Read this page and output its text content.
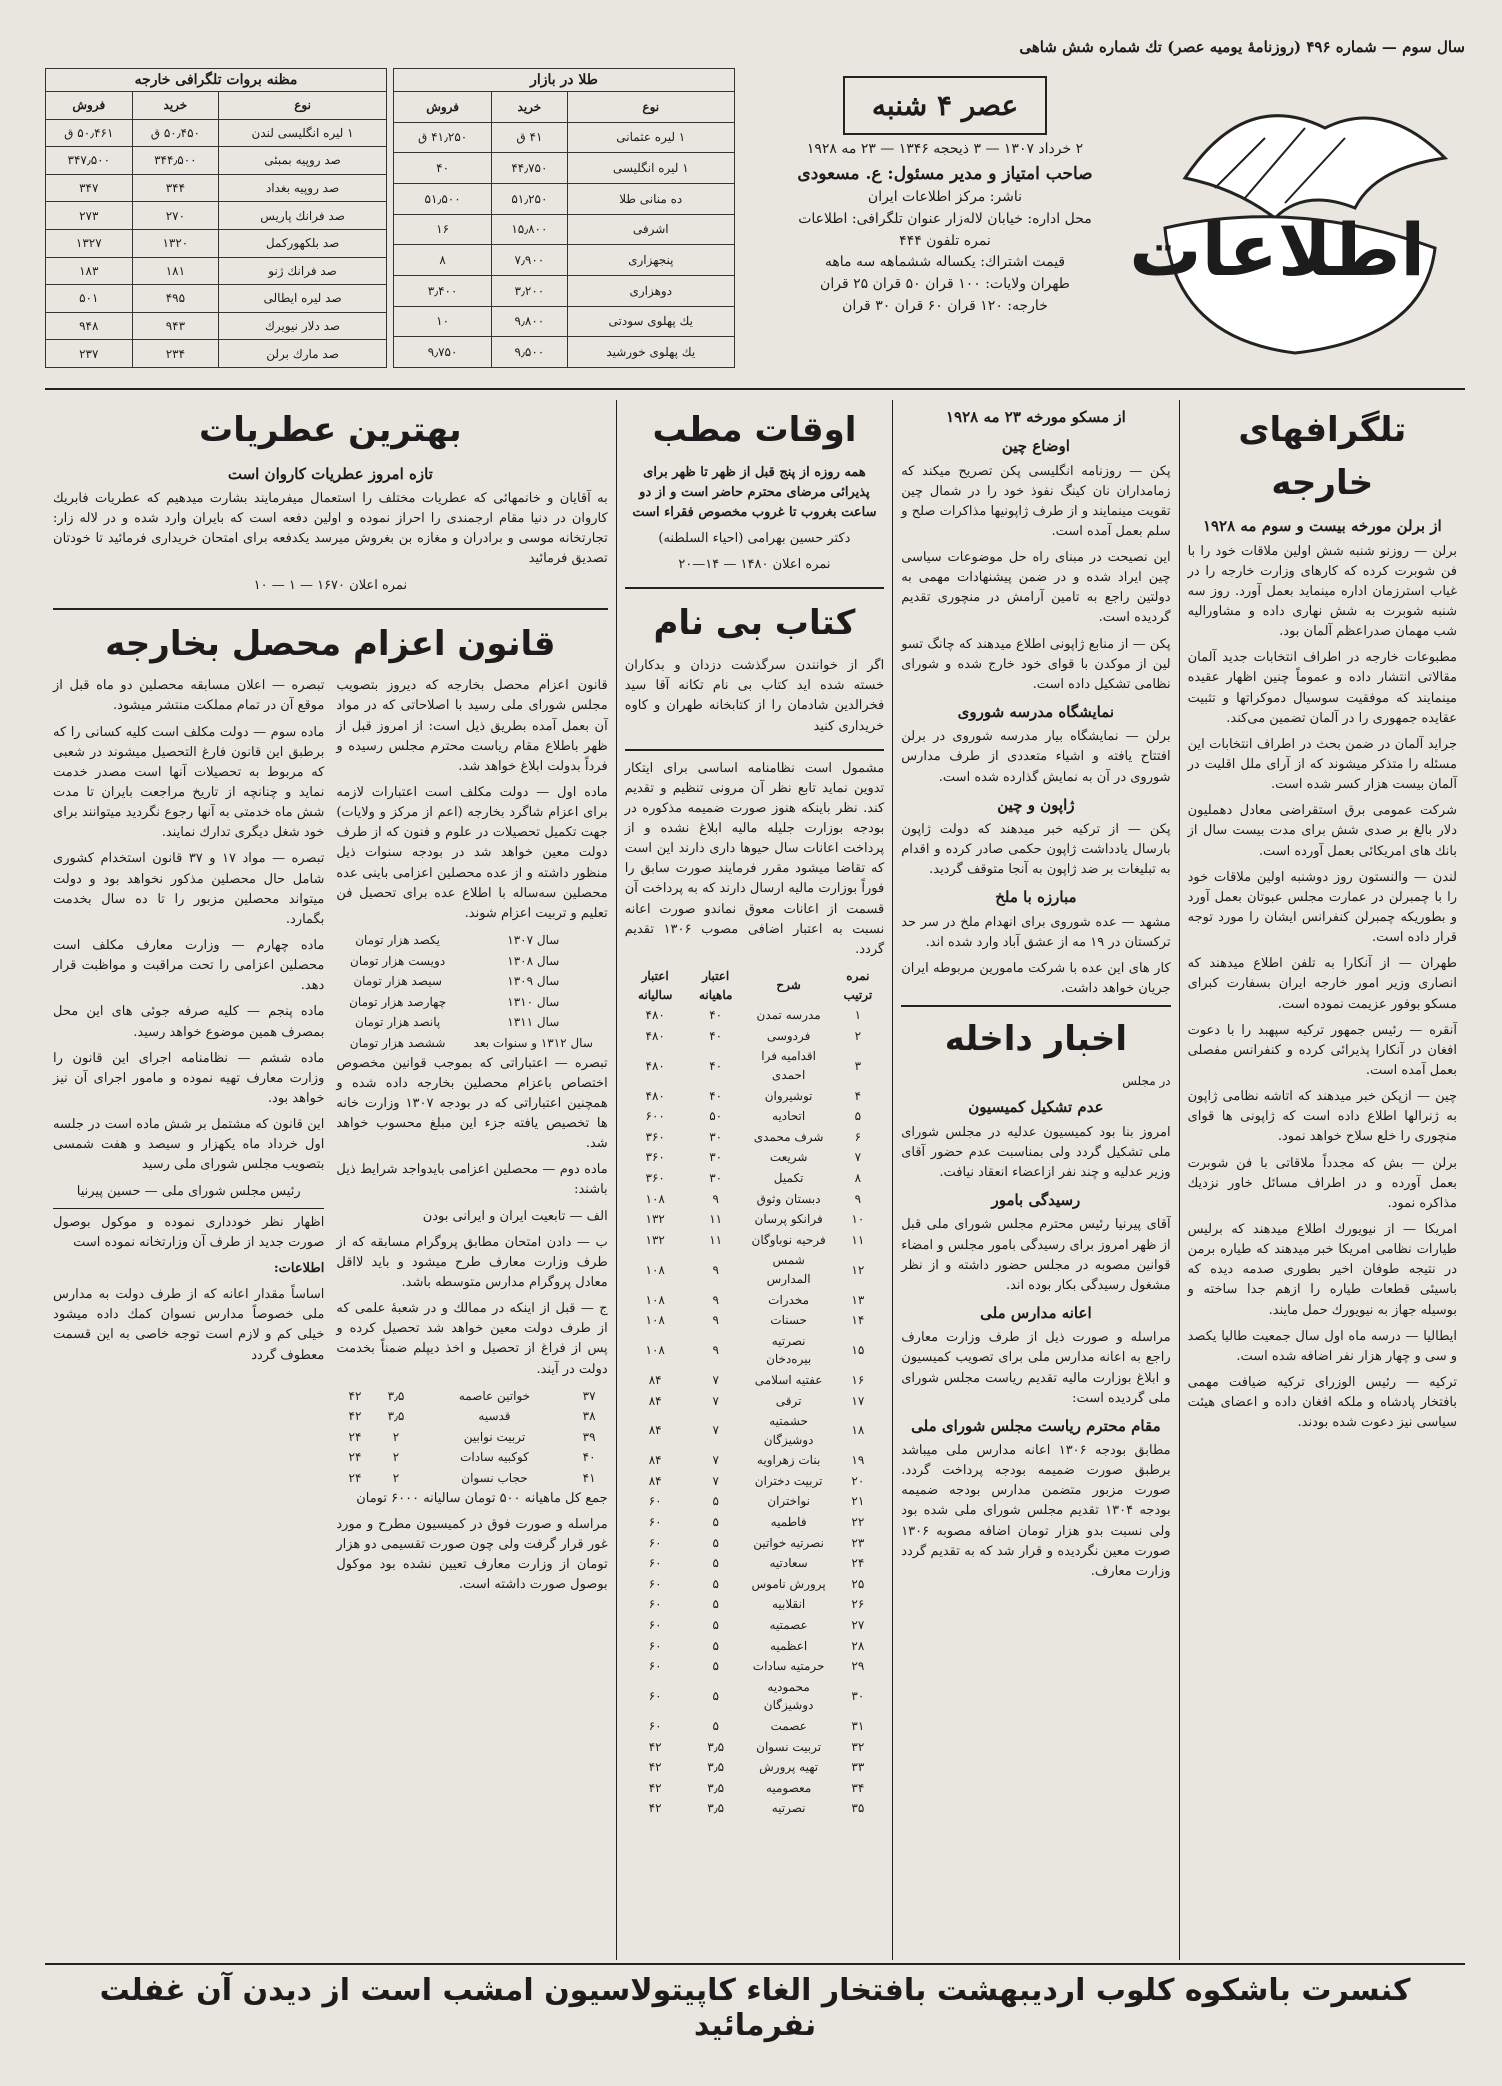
سال سوم — شماره ۴۹۶ (روزنامهٔ یومیه عصر) تك شماره شش شاهی
اطلاعات
عصر ۴ شنبه
۲ خرداد ۱۳۰۷ — ۳ ذیحجه ۱۳۴۶ — ۲۳ مه ۱۹۲۸
صاحب امتیاز و مدیر مسئول: ع. مسعودی
ناشر: مرکز اطلاعات ایران
محل اداره: خیابان لاله‌زار عنوان تلگرافی: اطلاعات
نمره تلفون ۴۴۴
قیمت اشتراك: یکساله ششماهه سه ماهه
طهران ولایات: ۱۰۰ قران ۵۰ قران ۲۵ قران
خارجه: ۱۲۰ قران ۶۰ قران ۳۰ قران
طلا در بازار
نوع	خرید	فروش
۱ لیره عثمانی	۴۱ ق	۴۱٫۲۵۰ ق
۱ لیره انگلیسی	۴۴٫۷۵۰	۴۰
ده منانی طلا	۵۱٫۲۵۰	۵۱٫۵۰۰
اشرفی	۱۵٫۸۰۰	۱۶
پنجهزاری	۷٫۹۰۰	۸
دوهزاری	۳٫۲۰۰	۳٫۴۰۰
یك پهلوی سودتی	۹٫۸۰۰	۱۰
یك پهلوی خورشید	۹٫۵۰۰	۹٫۷۵۰
مظنه بروات تلگرافی خارجه
نوع	خرید	فروش
۱ لیره انگلیسی لندن	۵۰٫۴۵۰ ق	۵۰٫۴۶۱ ق
صد روپیه بمبئی	۳۴۴٫۵۰۰	۳۴۷٫۵۰۰
صد روپیه بغداد	۳۴۴	۳۴۷
صد فرانك پاریس	۲۷۰	۲۷۳
صد بلکهورکمل	۱۳۲۰	۱۳۲۷
صد فرانك ژنو	۱۸۱	۱۸۳
صد لیره ایطالی	۴۹۵	۵۰۱
صد دلار نیویرك	۹۴۳	۹۴۸
صد مارك برلن	۲۳۴	۲۳۷
تلگرافهای خارجه
از برلن مورخه بیست و سوم مه ۱۹۲۸

برلن — روزنو شنبه شش اولین ملاقات خود را با فن شوبرت کرده که کارهای وزارت خارجه را در غیاب استرزمان اداره مینماید بعمل آورد. روز سه شنبه شوبرت به شش نهاری داده و مشاورالیه شب مهمان صدراعظم آلمان بود.

مطبوعات خارجه در اطراف انتخابات جدید آلمان مقالاتی انتشار داده و عموماً چنین اظهار عقیده مینمایند که موفقیت سوسیال دموکراتها و تثبیت عقایده جمهوری را در آلمان تضمین می‌کند.

جراید آلمان در ضمن بحث در اطراف انتخابات این مسئله را متذکر میشوند که از آرای ملل اقلیت در آلمان بیست هزار کسر شده است.

شرکت عمومی برق استقراضی معادل دهملیون دلار بالغ بر صدی شش برای مدت بیست سال از بانك های امریکائی بعمل آورده است.

لندن — والنستون روز دوشنبه اولین ملاقات خود را با چمبرلن در عمارت مجلس عبوتان بعمل آورد و بطوریکه چمبرلن کنفرانس ایشان را مورد توجه قرار داده است.

طهران — از آنکارا به تلفن اطلاع میدهند که انصاری وزیر امور خارجه ایران بسفارت کبرای مسکو بوفور عزیمت نموده است.

آنقره — رئیس جمهور ترکیه سپهبد را با دعوت افغان در آنکارا پذیرائی کرده و کنفرانس مفصلی بعمل آمده است.

چین — ازپکن خبر میدهند که اتاشه نظامی ژاپون به ژنرالها اطلاع داده است که ژاپونی ها قوای منچوری را خلع سلاح خواهد نمود.

برلن — بش که مجدداً ملاقاتی با فن شوبرت بعمل آورده و در اطراف مسائل خاور نزدیك مذاکره نمود.

امریکا — از نیویورك اطلاع میدهند که برلیس طیارات نظامی امریکا خبر میدهند که طیاره برمن در نتیجه طوفان اخیر بطوری صدمه دیده که باسیئی قطعات طیاره را ازهم جدا ساخته و بوسیله جهاز به نیویورك حمل مایند.

ایطالیا — درسه ماه اول سال جمعیت طالیا یکصد و سی و چهار هزار نفر اضافه شده است.

ترکیه — رئیس الوزرای ترکیه ضیافت مهمی بافتخار پادشاه و ملکه افغان داده و اعضای هیئت سیاسی نیز دعوت شده بودند.

از مسکو مورخه ۲۳ مه ۱۹۲۸
اوضاع چین

پکن — روزنامه انگلیسی پکن تصریح میکند که زمامداران نان کینگ نفوذ خود را در شمال چین تقویت مینمایند و از طرف ژاپونیها مذاکرات صلح و سلم بعمل آمده است.

این نصیحت در مبنای راه حل موضوعات سیاسی چین ایراد شده و در ضمن پیشنهادات مهمی به دولتین راجع به تامین آرامش در منچوری تقدیم گردیده است.

پکن — از منابع ژاپونی اطلاع میدهند که چانگ تسو لین از موکدن با قوای خود خارج شده و شورای نظامی تشکیل داده است.

نمایشگاه مدرسه شوروی

برلن — نمایشگاه بیار مدرسه شوروی در برلن افتتاح یافته و اشیاء متعددی از طرف مدارس شوروی در آن به نمایش گذارده شده است.

ژاپون و چین

پکن — از ترکیه خبر میدهند که دولت ژاپون بارسال یادداشت ژاپون حکمی صادر کرده و اقدام به تبلیغات بر ضد ژاپون به آنجا متوقف گردید.

مبارزه با ملخ

مشهد — عده شوروی برای انهدام ملخ در سر حد ترکستان در ۱۹ مه از عشق آباد وارد شده اند.

کار های این عده با شرکت مامورین مربوطه ایران جریان خواهد داشت.

اخبار داخله

در مجلس

عدم تشکیل کمیسیون

امروز بنا بود کمیسیون عدلیه در مجلس شورای ملی تشکیل گردد ولی بمناسبت عدم حضور آقای وزیر عدلیه و چند نفر ازاعضاء انعقاد نیافت.

رسیدگی بامور

آقای پیرنیا رئیس محترم مجلس شورای ملی قبل از ظهر امروز برای رسیدگی بامور مجلس و امضاء قوانین مصوبه در مجلس حضور داشته و از نظر مشغول رسیدگی بکار بوده اند.

اعانه مدارس ملی

مراسله و صورت ذیل از طرف وزارت معارف راجع به اعانه مدارس ملی برای تصویب کمیسیون و ابلاغ بوزارت مالیه تقدیم ریاست مجلس شورای ملی گردیده است:

مقام محترم ریاست مجلس شورای ملی

مطابق بودجه ۱۳۰۶ اعانه مدارس ملی میباشد برطبق صورت ضمیمه بودجه پرداخت گردد. صورت مزبور متضمن مدارس بودجه ضمیمه بودجه ۱۳۰۴ تقدیم مجلس شورای ملی شده بود ولی نسبت بدو هزار تومان اضافه مصوبه ۱۳۰۶ صورت معین نگردیده و قرار شد که به تقدیم گردد وزارت معارف.

اوقات مطب

همه روزه از پنج قبل از ظهر تا ظهر برای پذیرائی مرضای محترم حاضر است و از دو ساعت بغروب تا غروب مخصوص فقراء است

دکتر حسین بهرامی (احیاء السلطنه)

نمره اعلان ۱۴۸۰ — ۱۴—۲۰

کتاب بی نام

اگر از خوانندن سرگذشت دزدان و بدکاران خسته شده اید کتاب بی نام تکانه آقا سید فخرالدین شادمان را از کتابخانه طهران و کاوه خریداری کنید

مشمول است نظامنامه اساسی برای ایتکار تدوین نماید تابع نظر آن مرونی تنظیم و تقدیم کند. نظر باینکه هنوز صورت ضمیمه مذکوره در بودجه بوزارت جلیله مالیه ابلاغ نشده و از پرداخت اعانات سال حیوها داری دارند این است که تقاضا میشود مقرر فرمایند صورت سابق را فوراً بوزارت مالیه ارسال دارند که به پرداخت آن قسمت از اعانات معوق نماندو صورت اعانه نسبت به اعتبار اضافی مصوب ۱۳۰۶ تقدیم گردد.

نمره ترتیب	شرح	اعتبار ماهیانه	اعتبار سالیانه
۱	مدرسه تمدن	۴۰	۴۸۰
۲	فردوسی	۴۰	۴۸۰
۳	اقدامیه فرا احمدی	۴۰	۴۸۰
۴	توشیروان	۴۰	۴۸۰
۵	اتحادیه	۵۰	۶۰۰
۶	شرف محمدی	۳۰	۳۶۰
۷	شریعت	۳۰	۳۶۰
۸	تکمیل	۳۰	۳۶۰
۹	دبستان وثوق	۹	۱۰۸
۱۰	فرانکو پرسان	۱۱	۱۳۲
۱۱	فرحیه نوباوگان	۱۱	۱۳۲
۱۲	شمس المدارس	۹	۱۰۸
۱۳	مخدرات	۹	۱۰۸
۱۴	حسنات	۹	۱۰۸
۱۵	نصرتیه بیره‌دخان	۹	۱۰۸
۱۶	عفتیه اسلامی	۷	۸۴
۱۷	ترقی	۷	۸۴
۱۸	حشمتیه دوشیزگان	۷	۸۴
۱۹	بنات زهراویه	۷	۸۴
۲۰	تربیت دختران	۷	۸۴
۲۱	نواختران	۵	۶۰
۲۲	فاطمیه	۵	۶۰
۲۳	نصرتیه خواتین	۵	۶۰
۲۴	سعادتیه	۵	۶۰
۲۵	پرورش ناموس	۵	۶۰
۲۶	انقلابیه	۵	۶۰
۲۷	عصمتیه	۵	۶۰
۲۸	اعظمیه	۵	۶۰
۲۹	حرمتیه سادات	۵	۶۰
۳۰	محمودیه دوشیزگان	۵	۶۰
۳۱	عصمت	۵	۶۰
۳۲	تربیت نسوان	۳٫۵	۴۲
۳۳	تهیه پرورش	۳٫۵	۴۲
۳۴	معصومیه	۳٫۵	۴۲
۳۵	نصرتیه	۳٫۵	۴۲
بهترین عطریات
تازه امروز عطریات کاروان است

به آقایان و خانمهائی که عطریات مختلف را استعمال میفرمایند بشارت میدهیم که عطریات فابریك کاروان در دنیا مقام ارجمندی را احراز نموده و اولین دفعه است که بایران وارد شده و در لاله زار: تجارتخانه موسی و برادران و مغازه بن بغروش میرسد یکدفعه برای امتحان خریداری فرمائید تا خودتان تصدیق فرمائید

نمره اعلان ۱۶۷۰ — ۱ — ۱۰

قانون اعزام محصل بخارجه

قانون اعزام محصل بخارجه که دیروز بتصویب مجلس شورای ملی رسید با اصلاحاتی که در مواد آن بعمل آمده بطریق ذیل است: از امروز قبل از ظهر باطلاع مقام ریاست محترم مجلس رسیده و فرداً بدولت ابلاغ خواهد شد.

ماده اول — دولت مکلف است اعتبارات لازمه برای اعزام شاگرد بخارجه (اعم از مرکز و ولایات) جهت تکمیل تحصیلات در علوم و فنون که از طرف دولت معین خواهد شد در بودجه سنوات ذیل منظور داشته و از عده محصلین اعزامی باینی عده محصلین سه‌ساله با اطلاع عده برای تحصیل فن تعلیم و تربیت اعزام شوند.

سال ۱۳۰۷	یکصد هزار تومان
سال ۱۳۰۸	دویست هزار تومان
سال ۱۳۰۹	سیصد هزار تومان
سال ۱۳۱۰	چهارصد هزار تومان
سال ۱۳۱۱	پانصد هزار تومان
سال ۱۳۱۲ و سنوات بعد	ششصد هزار تومان

تبصره — اعتباراتی که بموجب قوانین مخصوص اختصاص باعزام محصلین بخارجه داده شده و همچنین اعتباراتی که در بودجه ۱۳۰۷ وزارت خانه ها تخصیص یافته جزء این مبلغ محسوب خواهد شد.

ماده دوم — محصلین اعزامی بایدواجد شرایط ذیل باشند:

الف — تابعیت ایران و ایرانی بودن

ب — دادن امتحان مطابق پروگرام مسابقه که از طرف وزارت معارف طرح میشود و باید لااقل معادل پروگرام مدارس متوسطه باشد.

ج — قبل از اینکه در ممالك و در شعبهٔ علمی که از طرف دولت معین خواهد شد تحصیل کرده و پس از فراغ از تحصیل و اخذ دیپلم ضمناً بخدمت دولت در آیند.

۳۷	خواتین عاصمه	۳٫۵	۴۲
۳۸	قدسیه	۳٫۵	۴۲
۳۹	تربیت نوابین	۲	۲۴
۴۰	کوکبیه سادات	۲	۲۴
۴۱	حجاب نسوان	۲	۲۴

جمع کل ماهیانه ۵۰۰ تومان سالیانه ۶۰۰۰ تومان

مراسله و صورت فوق در کمیسیون مطرح و مورد غور قرار گرفت ولی چون صورت تقسیمی دو هزار تومان از وزارت معارف تعیین نشده بود موکول بوصول صورت داشته است.

تبصره — اعلان مسابقه محصلین دو ماه قبل از موقع آن در تمام مملکت منتشر میشود.

ماده سوم — دولت مکلف است کلیه کسانی را که برطبق این قانون فارغ التحصیل میشوند در شعبی که مربوط به تحصیلات آنها است مصدر خدمت نماید و چنانچه از تاریخ مراجعت بایران تا مدت شش ماه خدمتی به آنها رجوع نگردید میتوانند برای خود شغل دیگری تدارك نمایند.

تبصره — مواد ۱۷ و ۳۷ قانون استخدام کشوری شامل حال محصلین مذکور نخواهد بود و دولت میتواند محصلین مزبور را تا ده سال بخدمت بگمارد.

ماده چهارم — وزارت معارف مکلف است محصلین اعزامی را تحت مراقبت و مواظبت قرار دهد.

ماده پنجم — کلیه صرفه جوئی های این محل بمصرف همین موضوع خواهد رسید.

ماده ششم — نظامنامه اجرای این قانون را وزارت معارف تهیه نموده و مامور اجرای آن نیز خواهد بود.

این قانون که مشتمل بر شش ماده است در جلسه اول خرداد ماه یکهزار و سیصد و هفت شمسی بتصویب مجلس شورای ملی رسید

رئیس مجلس شورای ملی — حسین پیرنیا

اظهار نظر خودداری نموده و موکول بوصول صورت جدید از طرف آن وزارتخانه نموده است

اطلاعات:

اساساً مقدار اعانه که از طرف دولت به مدارس ملی خصوصاً مدارس نسوان کمك داده میشود خیلی کم و لازم است توجه خاصی به این قسمت معطوف گردد

کنسرت باشکوه کلوب اردیبهشت بافتخار الغاء کاپیتولاسیون امشب است از دیدن آن غفلت نفرمائید
